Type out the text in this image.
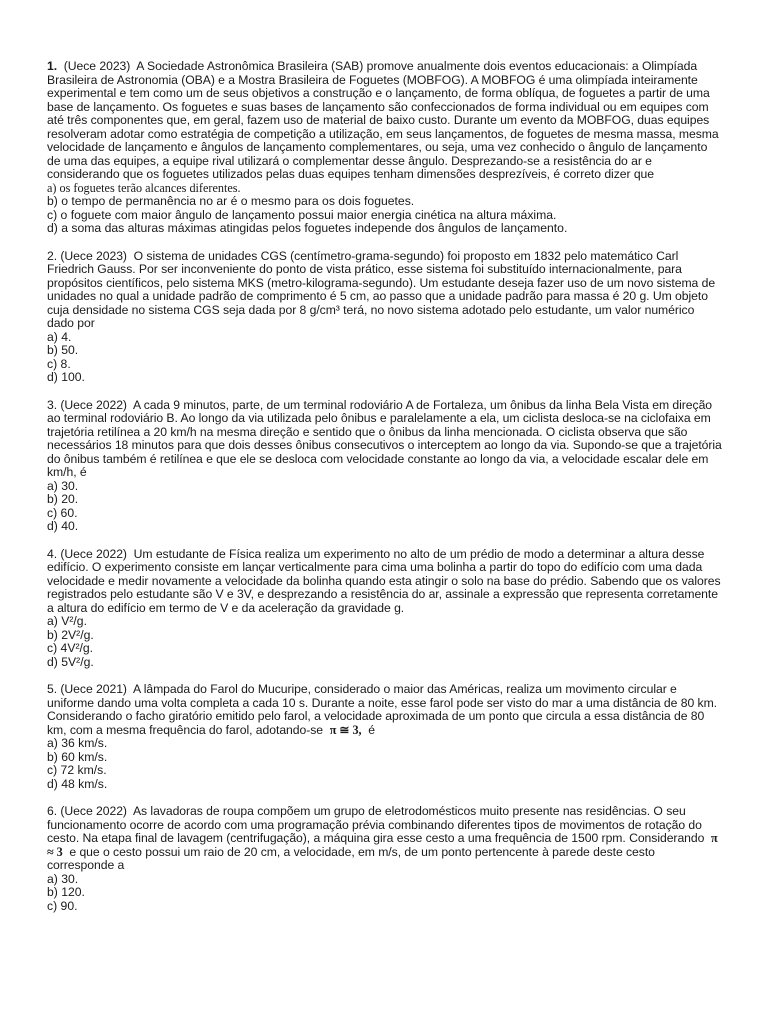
1. (Uece 2023) A Sociedade Astronômica Brasileira (SAB) promove anualmente dois eventos educacionais: a Olimpíada Brasileira de Astronomia (OBA) e a Mostra Brasileira de Foguetes (MOBFOG). A MOBFOG é uma olimpíada inteiramente experimental e tem como um de seus objetivos a construção e o lançamento, de forma oblíqua, de foguetes a partir de uma base de lançamento. Os foguetes e suas bases de lançamento são confeccionados de forma individual ou em equipes com até três componentes que, em geral, fazem uso de material de baixo custo. Durante um evento da MOBFOG, duas equipes resolveram adotar como estratégia de competição a utilização, em seus lançamentos, de foguetes de mesma massa, mesma velocidade de lançamento e ângulos de lançamento complementares, ou seja, uma vez conhecido o ângulo de lançamento de uma das equipes, a equipe rival utilizará o complementar desse ângulo. Desprezando-se a resistência do ar e considerando que os foguetes utilizados pelas duas equipes tenham dimensões desprezíveis, é correto dizer que

a) os foguetes terão alcances diferentes.
b) o tempo de permanência no ar é o mesmo para os dois foguetes.
c) o foguete com maior ângulo de lançamento possui maior energia cinética na altura máxima.
d) a soma das alturas máximas atingidas pelos foguetes independe dos ângulos de lançamento.

2. (Uece 2023) O sistema de unidades CGS (centímetro-grama-segundo) foi proposto em 1832 pelo matemático Carl Friedrich Gauss. Por ser inconveniente do ponto de vista prático, esse sistema foi substituído internacionalmente, para propósitos científicos, pelo sistema MKS (metro-kilograma-segundo). Um estudante deseja fazer uso de um novo sistema de unidades no qual a unidade padrão de comprimento é 5 cm, ao passo que a unidade padrão para massa é 20 g. Um objeto cuja densidade no sistema CGS seja dada por 8 g/cm³ terá, no novo sistema adotado pelo estudante, um valor numérico dado por

a) 4.
b) 50.
c) 8.
d) 100.

3. (Uece 2022) A cada 9 minutos, parte, de um terminal rodoviário A de Fortaleza, um ônibus da linha Bela Vista em direção ao terminal rodoviário B. Ao longo da via utilizada pelo ônibus e paralelamente a ela, um ciclista desloca-se na ciclofaixa em trajetória retilínea a 20 km/h na mesma direção e sentido que o ônibus da linha mencionada. O ciclista observa que são necessários 18 minutos para que dois desses ônibus consecutivos o interceptem ao longo da via. Supondo-se que a trajetória do ônibus também é retilínea e que ele se desloca com velocidade constante ao longo da via, a velocidade escalar dele em km/h, é

a) 30.
b) 20.
c) 60.
d) 40.

4. (Uece 2022) Um estudante de Física realiza um experimento no alto de um prédio de modo a determinar a altura desse edifício. O experimento consiste em lançar verticalmente para cima uma bolinha a partir do topo do edifício com uma dada velocidade e medir novamente a velocidade da bolinha quando esta atingir o solo na base do prédio. Sabendo que os valores registrados pelo estudante são V e 3V, e desprezando a resistência do ar, assinale a expressão que representa corretamente a altura do edifício em termo de V e da aceleração da gravidade g.

a) V²/g.
b) 2V²/g.
c) 4V²/g.
d) 5V²/g.

5. (Uece 2021) A lâmpada do Farol do Mucuripe, considerado o maior das Américas, realiza um movimento circular e uniforme dando uma volta completa a cada 10 s. Durante a noite, esse farol pode ser visto do mar a uma distância de 80 km. Considerando o facho giratório emitido pelo farol, a velocidade aproximada de um ponto que circula a essa distância de 80 km, com a mesma frequência do farol, adotando-se π ≅ 3, é

a) 36 km/s.
b) 60 km/s.
c) 72 km/s.
d) 48 km/s.

6. (Uece 2022) As lavadoras de roupa compõem um grupo de eletrodomésticos muito presente nas residências. O seu funcionamento ocorre de acordo com uma programação prévia combinando diferentes tipos de movimentos de rotação do cesto. Na etapa final de lavagem (centrifugação), a máquina gira esse cesto a uma frequência de 1500 rpm. Considerando π ≈ 3 e que o cesto possui um raio de 20 cm, a velocidade, em m/s, de um ponto pertencente à parede deste cesto corresponde a

a) 30.
b) 120.
c) 90.
